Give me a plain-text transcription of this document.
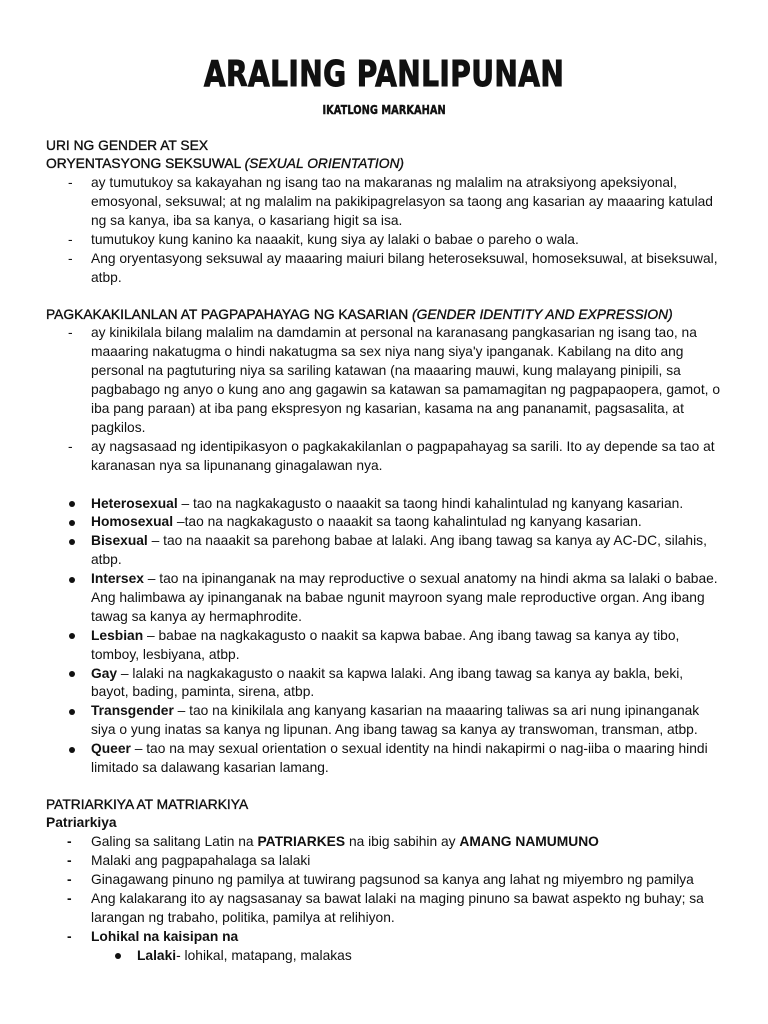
ARALING PANLIPUNAN
IKATLONG MARKAHAN
URI NG GENDER AT SEX
ORYENTASYONG SEKSUWAL (SEXUAL ORIENTATION)
- ay tumutukoy sa kakayahan ng isang tao na makaranas ng malalim na atraksiyong apeksiyonal,
emosyonal, seksuwal; at ng malalim na pakikipagrelasyon sa taong ang kasarian ay maaaring katulad
ng sa kanya, iba sa kanya, o kasariang higit sa isa.
- tumutukoy kung kanino ka naaakit, kung siya ay lalaki o babae o pareho o wala.
- Ang oryentasyong seksuwal ay maaaring maiuri bilang heteroseksuwal, homoseksuwal, at biseksuwal,
atbp.
PAGKAKAKILANLAN AT PAGPAPAHAYAG NG KASARIAN (GENDER IDENTITY AND EXPRESSION)
- ay kinikilala bilang malalim na damdamin at personal na karanasang pangkasarian ng isang tao, na
maaaring nakatugma o hindi nakatugma sa sex niya nang siya'y ipanganak. Kabilang na dito ang
personal na pagtuturing niya sa sariling katawan (na maaaring mauwi, kung malayang pinipili, sa
pagbabago ng anyo o kung ano ang gagawin sa katawan sa pamamagitan ng pagpapaopera, gamot, o
iba pang paraan) at iba pang ekspresyon ng kasarian, kasama na ang pananamit, pagsasalita, at
pagkilos.
- ay nagsasaad ng identipikasyon o pagkakakilanlan o pagpapahayag sa sarili. Ito ay depende sa tao at
karanasan nya sa lipunanang ginagalawan nya.
Heterosexual – tao na nagkakagusto o naaakit sa taong hindi kahalintulad ng kanyang kasarian.
Homosexual –tao na nagkakagusto o naaakit sa taong kahalintulad ng kanyang kasarian.
Bisexual – tao na naaakit sa parehong babae at lalaki. Ang ibang tawag sa kanya ay AC-DC, silahis,
atbp.
Intersex – tao na ipinanganak na may reproductive o sexual anatomy na hindi akma sa lalaki o babae.
Ang halimbawa ay ipinanganak na babae ngunit mayroon syang male reproductive organ. Ang ibang
tawag sa kanya ay hermaphrodite.
Lesbian – babae na nagkakagusto o naakit sa kapwa babae. Ang ibang tawag sa kanya ay tibo,
tomboy, lesbiyana, atbp.
Gay – lalaki na nagkakagusto o naakit sa kapwa lalaki. Ang ibang tawag sa kanya ay bakla, beki,
bayot, bading, paminta, sirena, atbp.
Transgender – tao na kinikilala ang kanyang kasarian na maaaring taliwas sa ari nung ipinanganak
siya o yung inatas sa kanya ng lipunan. Ang ibang tawag sa kanya ay transwoman, transman, atbp.
Queer – tao na may sexual orientation o sexual identity na hindi nakapirmi o nag-iiba o maaring hindi
limitado sa dalawang kasarian lamang.
PATRIARKIYA AT MATRIARKIYA
Patriarkiya
- Galing sa salitang Latin na PATRIARKES na ibig sabihin ay AMANG NAMUMUNO
- Malaki ang pagpapahalaga sa lalaki
- Ginagawang pinuno ng pamilya at tuwirang pagsunod sa kanya ang lahat ng miyembro ng pamilya
- Ang kalakarang ito ay nagsasanay sa bawat lalaki na maging pinuno sa bawat aspekto ng buhay; sa
larangan ng trabaho, politika, pamilya at relihiyon.
- Lohikal na kaisipan na
Lalaki- lohikal, matapang, malakas
